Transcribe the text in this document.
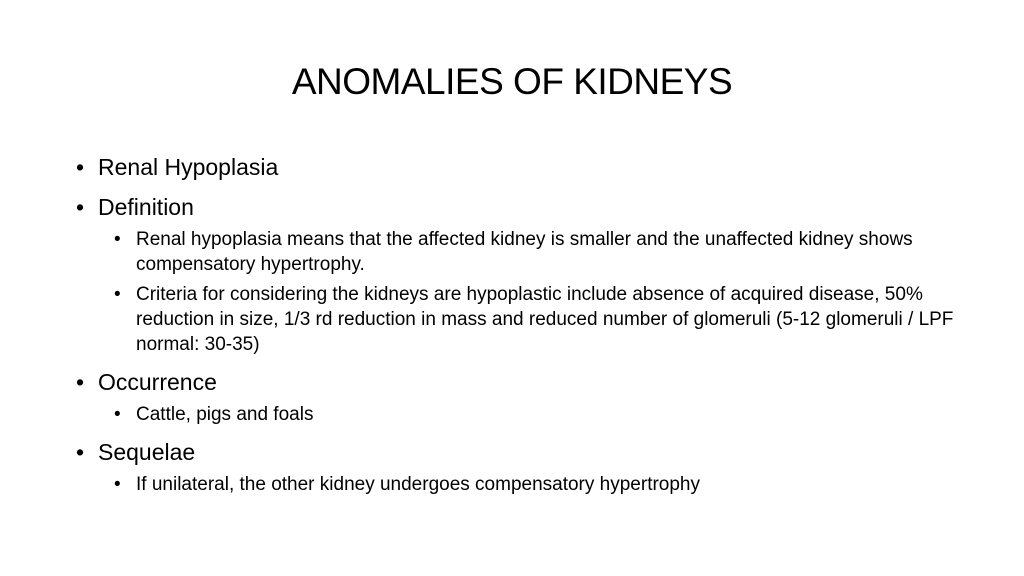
ANOMALIES OF KIDNEYS
• Renal Hypoplasia
• Definition
• Renal hypoplasia means that the affected kidney is smaller and the unaffected kidney shows compensatory hypertrophy.
• Criteria for considering the kidneys are hypoplastic include absence of acquired disease, 50% reduction in size, 1/3 rd reduction in mass and reduced number of glomeruli (5-12 glomeruli / LPF normal: 30-35)
• Occurrence
• Cattle, pigs and foals
• Sequelae
• If unilateral, the other kidney undergoes compensatory hypertrophy
